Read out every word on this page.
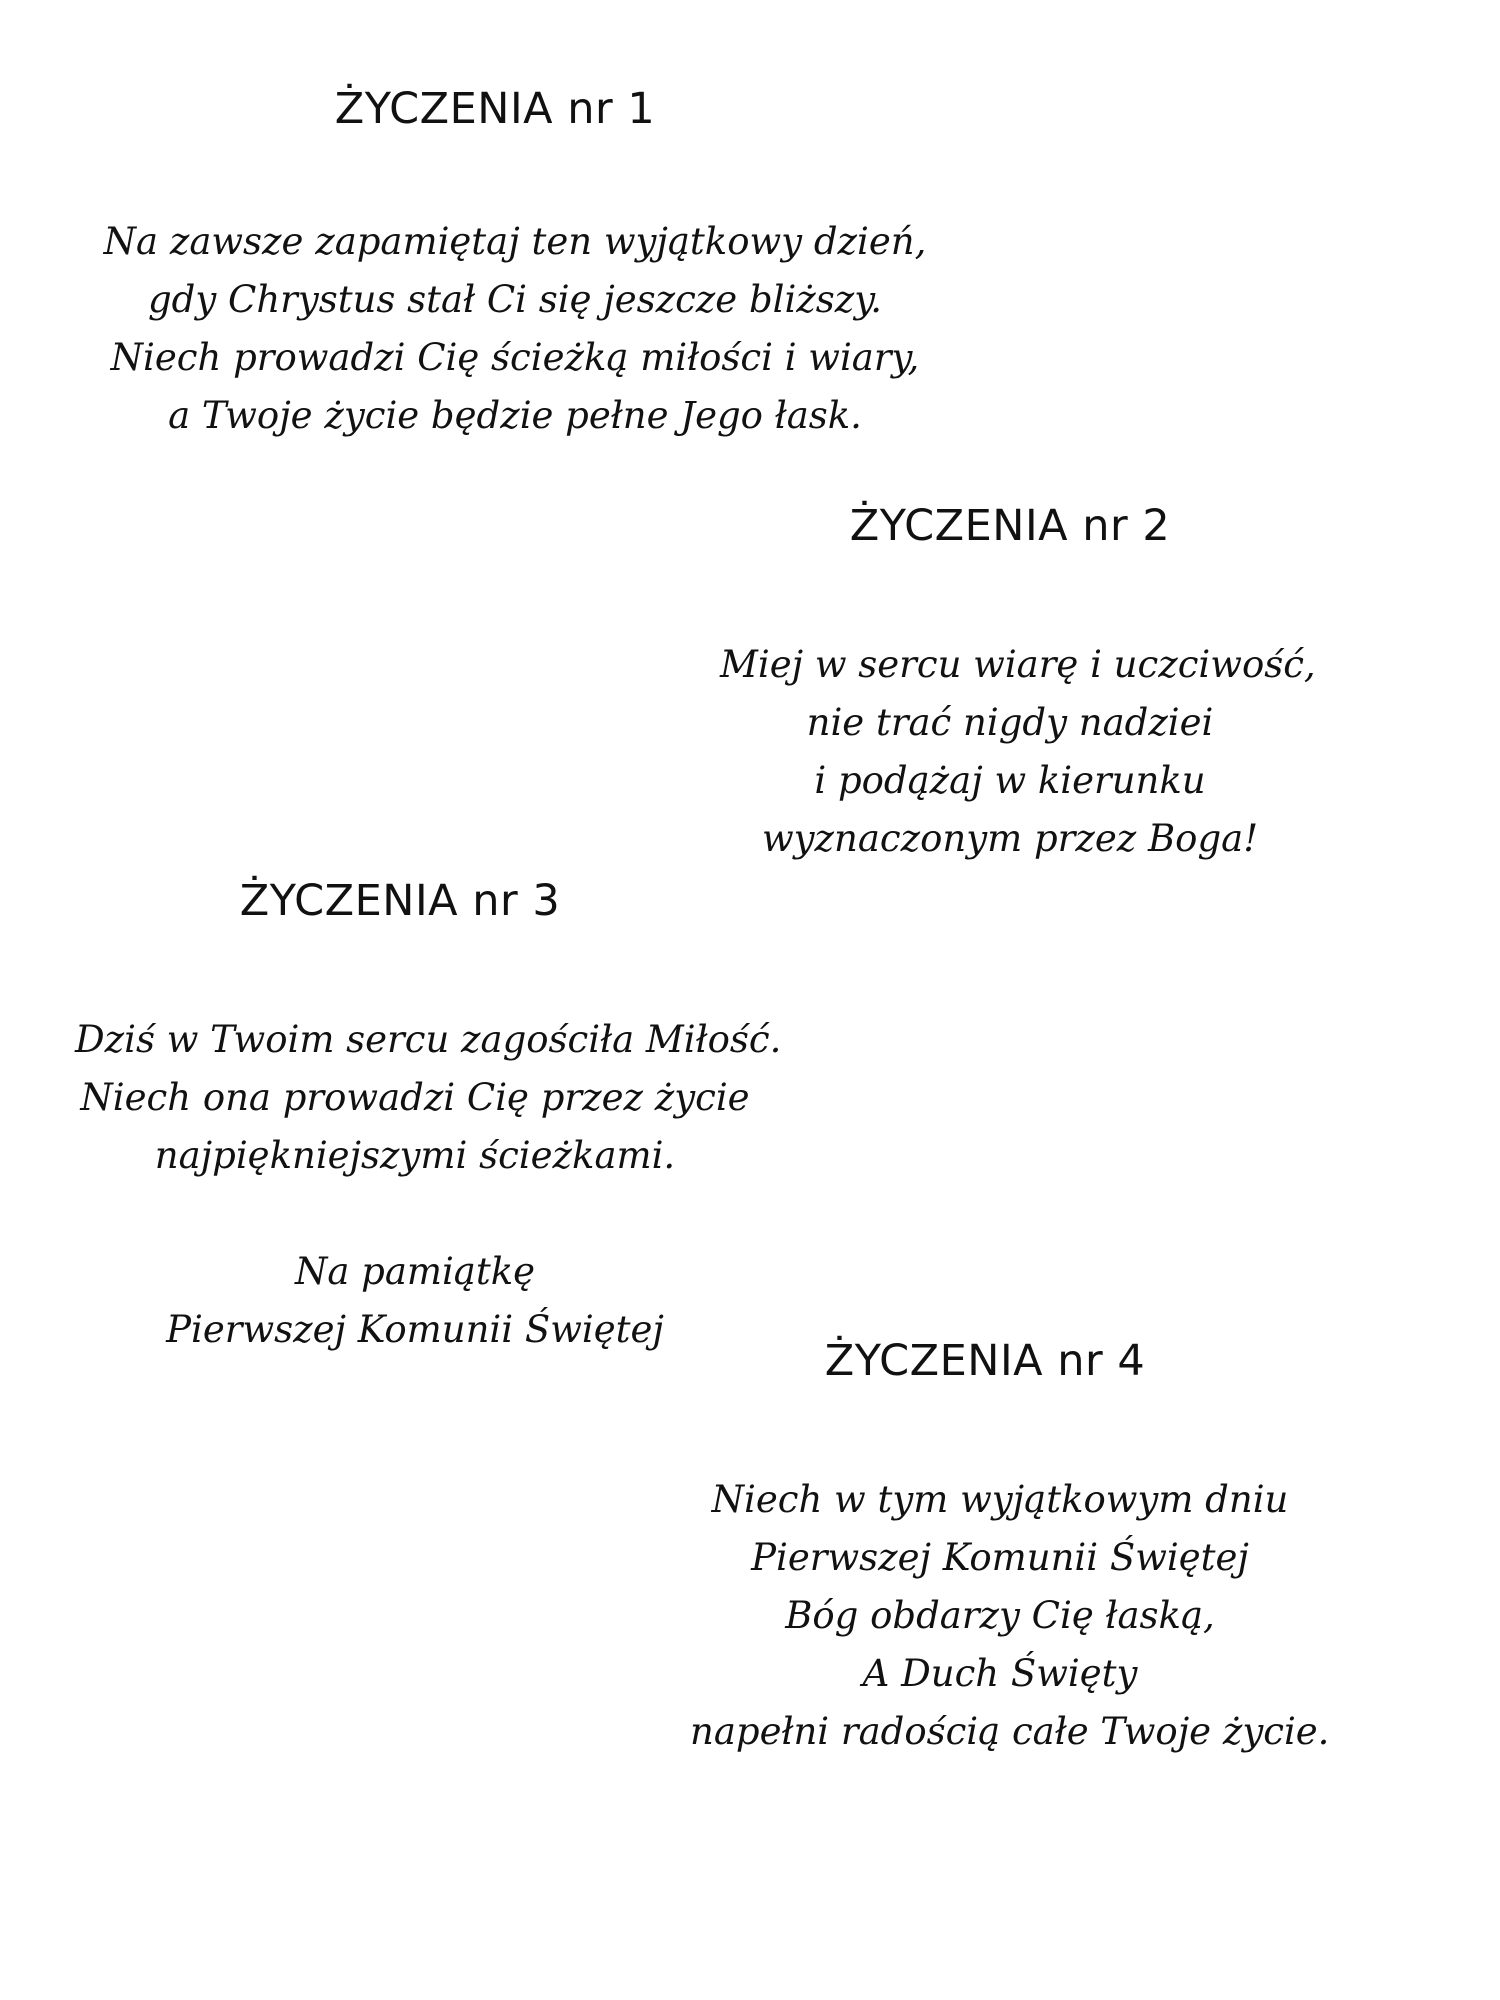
ŻYCZENIA nr 1

Na zawsze zapamiętaj ten wyjątkowy dzień,
gdy Chrystus stał Ci się jeszcze bliższy.
Niech prowadzi Cię ścieżką miłości i wiary,
a Twoje życie będzie pełne Jego łask.

ŻYCZENIA nr 2

Miej w sercu wiarę i uczciwość,
nie trać nigdy nadziei
i podążaj w kierunku
wyznaczonym przez Boga!

ŻYCZENIA nr 3

Dziś w Twoim sercu zagościła Miłość.
Niech ona prowadzi Cię przez życie
najpiękniejszymi ścieżkami.
Na pamiątkę
Pierwszej Komunii Świętej

ŻYCZENIA nr 4

Niech w tym wyjątkowym dniu
Pierwszej Komunii Świętej
Bóg obdarzy Cię łaską,
A Duch Święty
napełni radością całe Twoje życie.
